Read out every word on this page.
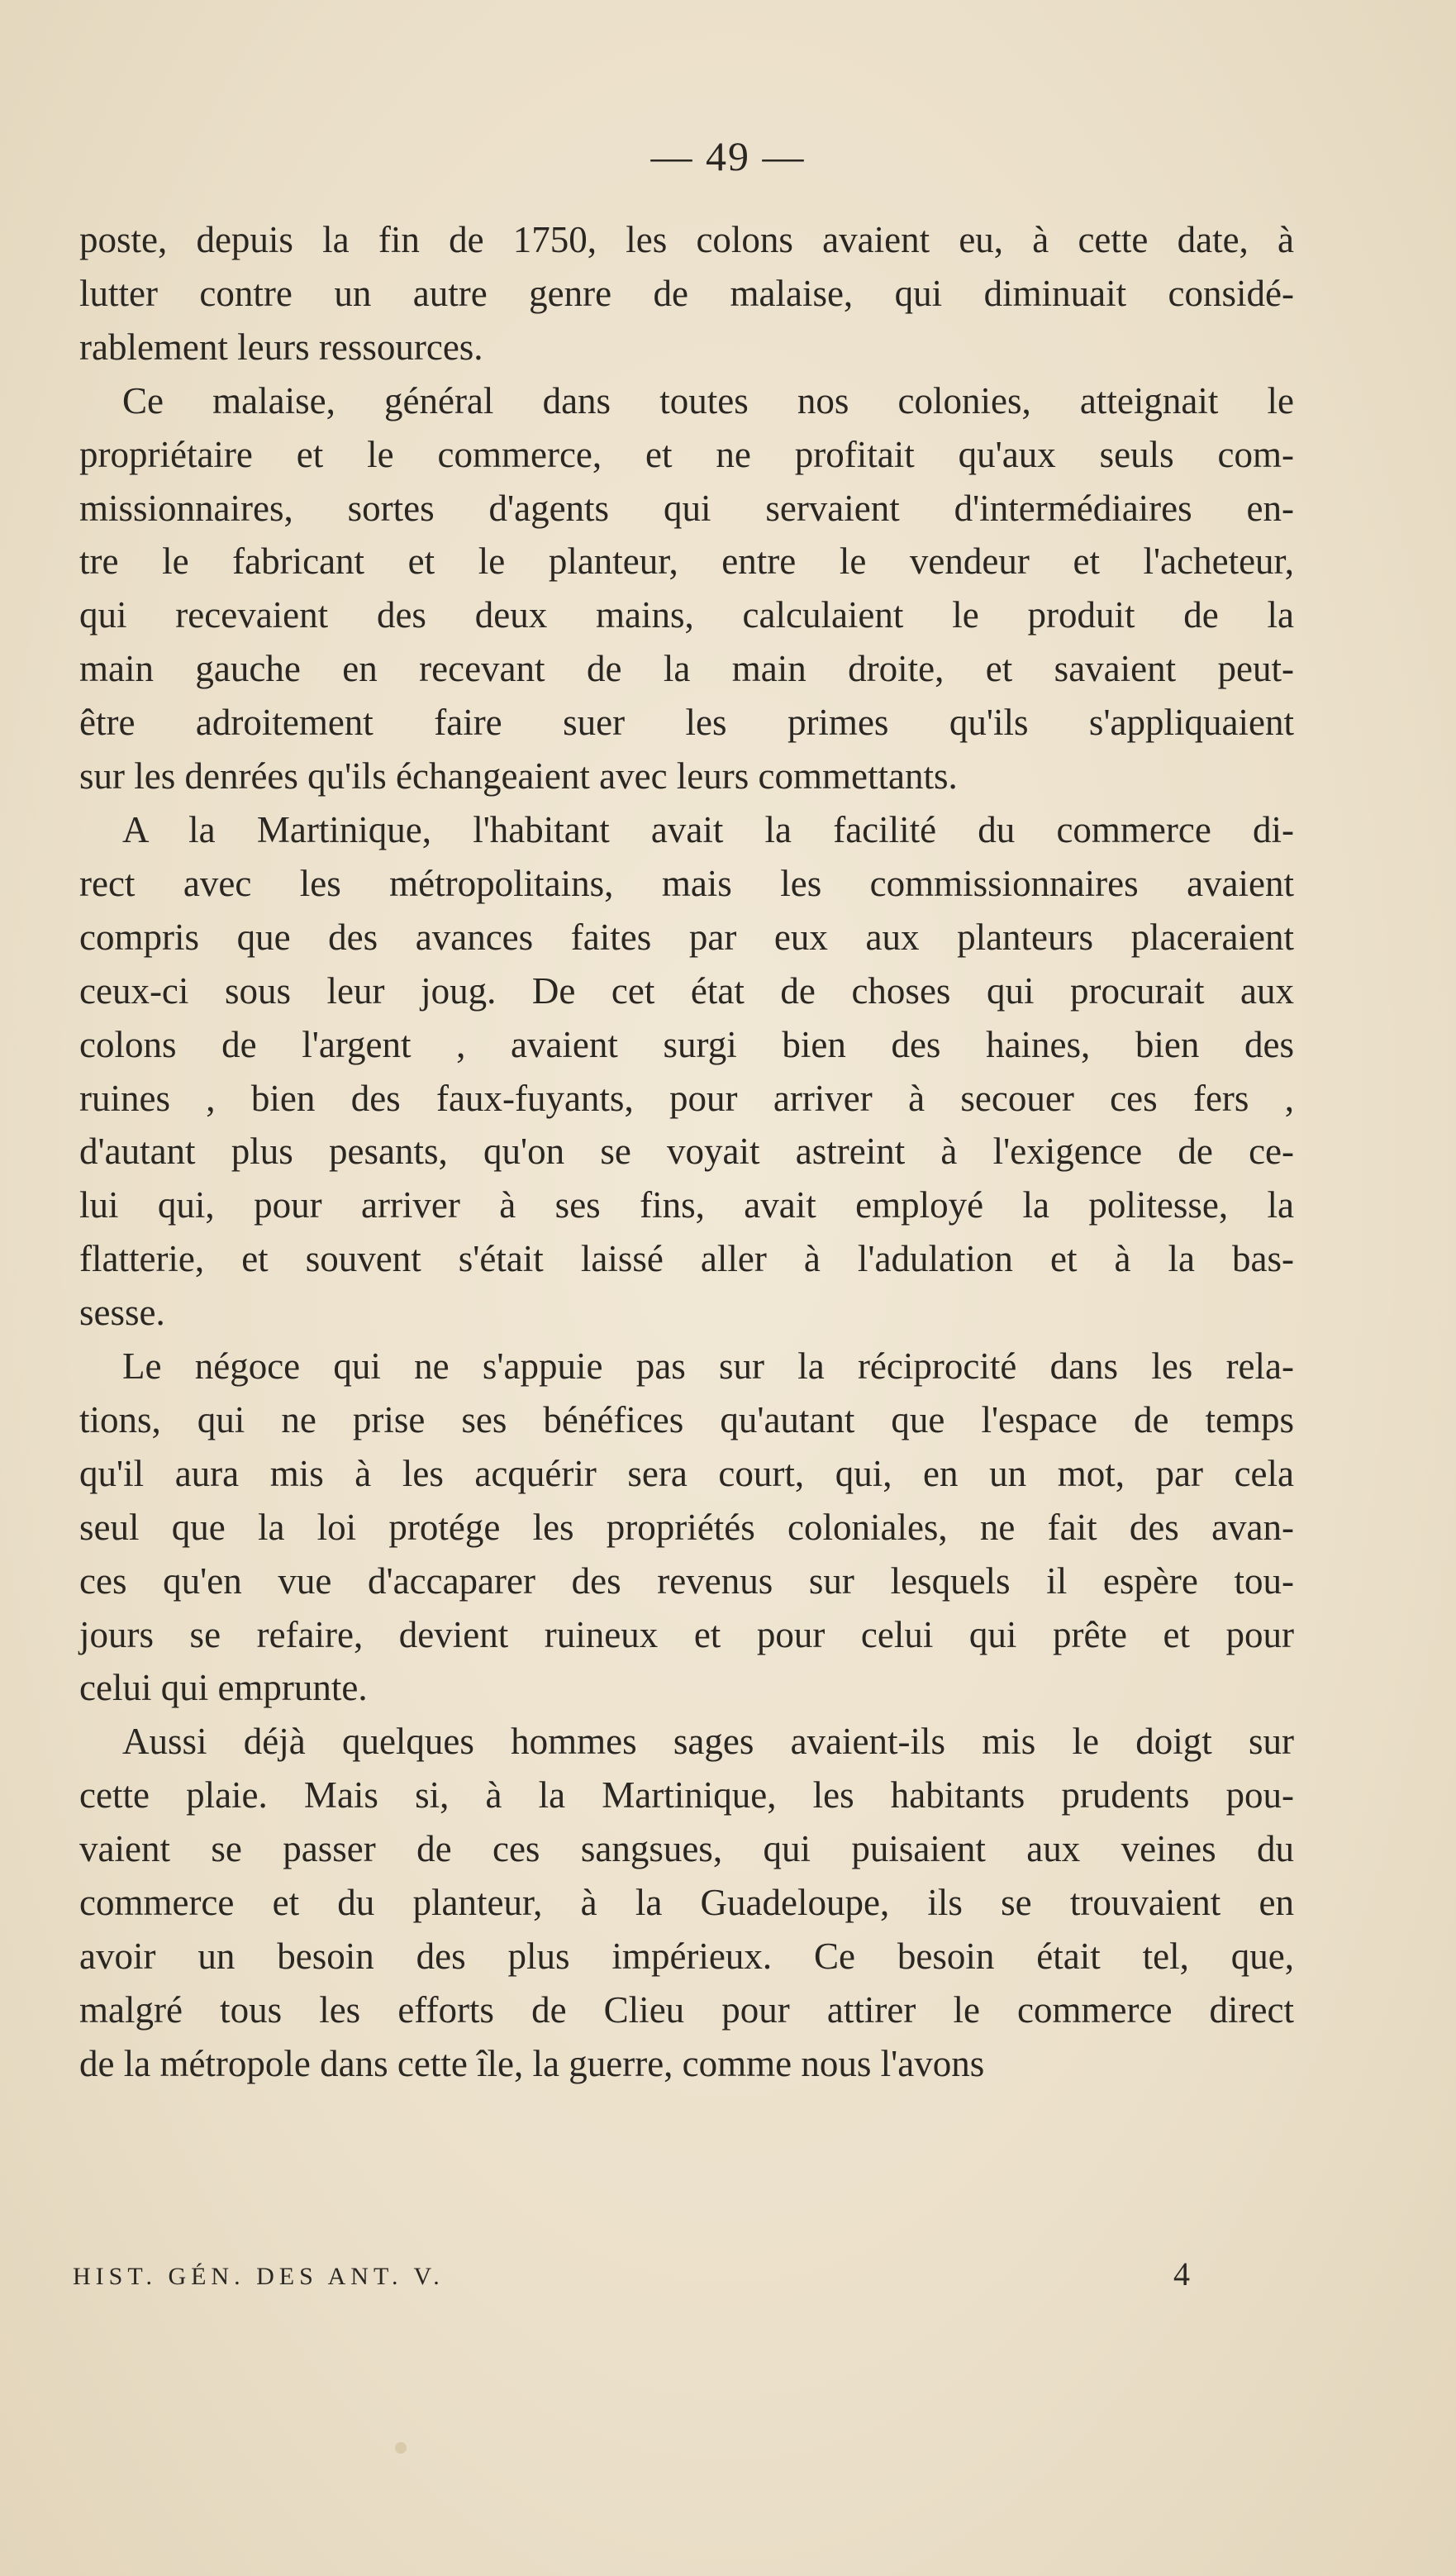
— 49 —
poste, depuis la fin de 1750, les colons avaient eu, à cette date, à
lutter contre un autre genre de malaise, qui diminuait considé-
rablement leurs ressources.
Ce malaise, général dans toutes nos colonies, atteignait le
propriétaire et le commerce, et ne profitait qu'aux seuls com-
missionnaires, sortes d'agents qui servaient d'intermédiaires en-
tre le fabricant et le planteur, entre le vendeur et l'acheteur,
qui recevaient des deux mains, calculaient le produit de la
main gauche en recevant de la main droite, et savaient peut-
être adroitement faire suer les primes qu'ils s'appliquaient
sur les denrées qu'ils échangeaient avec leurs commettants.
A la Martinique, l'habitant avait la facilité du commerce di-
rect avec les métropolitains, mais les commissionnaires avaient
compris que des avances faites par eux aux planteurs placeraient
ceux-ci sous leur joug. De cet état de choses qui procurait aux
colons de l'argent , avaient surgi bien des haines, bien des
ruines , bien des faux-fuyants, pour arriver à secouer ces fers ,
d'autant plus pesants, qu'on se voyait astreint à l'exigence de ce-
lui qui, pour arriver à ses fins, avait employé la politesse, la
flatterie, et souvent s'était laissé aller à l'adulation et à la bas-
sesse.
Le négoce qui ne s'appuie pas sur la réciprocité dans les rela-
tions, qui ne prise ses bénéfices qu'autant que l'espace de temps
qu'il aura mis à les acquérir sera court, qui, en un mot, par cela
seul que la loi protége les propriétés coloniales, ne fait des avan-
ces qu'en vue d'accaparer des revenus sur lesquels il espère tou-
jours se refaire, devient ruineux et pour celui qui prête et pour
celui qui emprunte.
Aussi déjà quelques hommes sages avaient-ils mis le doigt sur
cette plaie. Mais si, à la Martinique, les habitants prudents pou-
vaient se passer de ces sangsues, qui puisaient aux veines du
commerce et du planteur, à la Guadeloupe, ils se trouvaient en
avoir un besoin des plus impérieux. Ce besoin était tel, que,
malgré tous les efforts de Clieu pour attirer le commerce direct
de la métropole dans cette île, la guerre, comme nous l'avons
HIST. GÉN. DES ANT. V.	4
